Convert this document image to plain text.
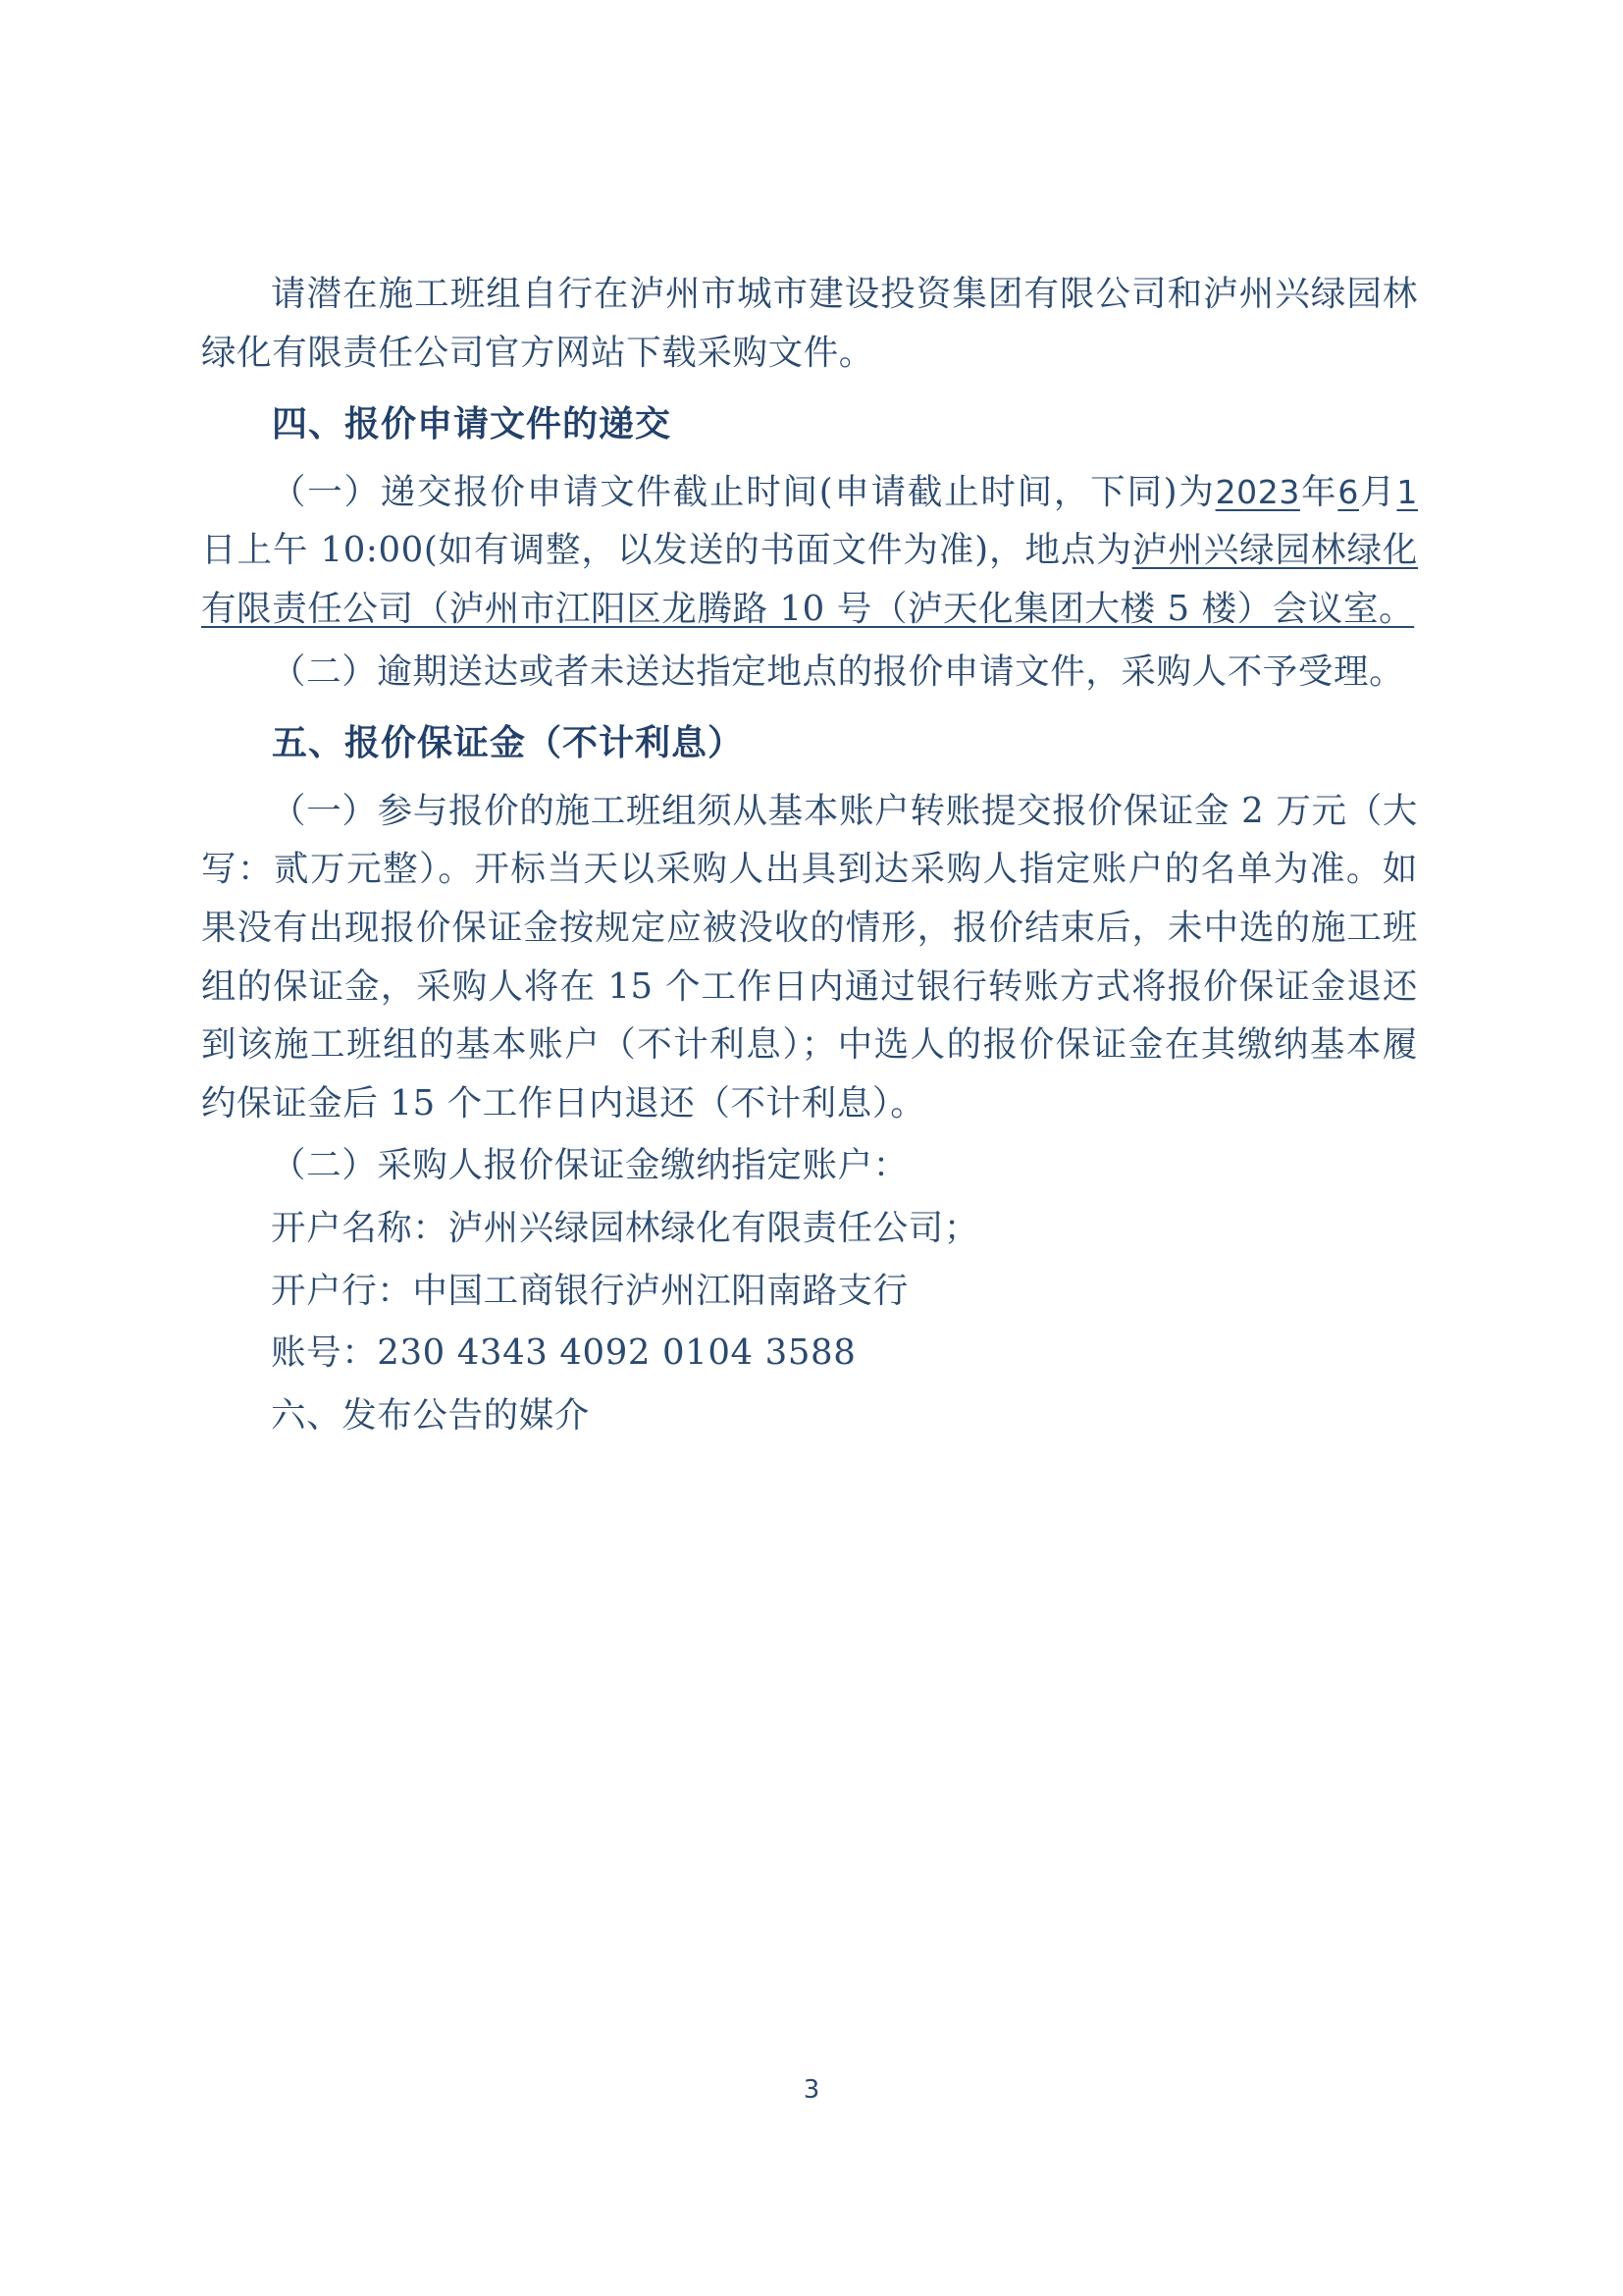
请潜在施工班组自行在泸州市城市建设投资集团有限公司和泸州兴绿园林绿化有限责任公司官方网站下载采购文件。

四、报价申请文件的递交

（一）递交报价申请文件截止时间(申请截止时间，下同)为2023年6月1日上午 10:00(如有调整，以发送的书面文件为准)，地点为泸州兴绿园林绿化有限责任公司（泸州市江阳区龙腾路 10 号（泸天化集团大楼 5 楼）会议室。

（二）逾期送达或者未送达指定地点的报价申请文件，采购人不予受理。

五、报价保证金（不计利息）

（一）参与报价的施工班组须从基本账户转账提交报价保证金 2 万元（大写：贰万元整）。开标当天以采购人出具到达采购人指定账户的名单为准。如果没有出现报价保证金按规定应被没收的情形，报价结束后，未中选的施工班组的保证金，采购人将在 15 个工作日内通过银行转账方式将报价保证金退还到该施工班组的基本账户（不计利息）；中选人的报价保证金在其缴纳基本履约保证金后 15 个工作日内退还（不计利息）。

（二）采购人报价保证金缴纳指定账户：

开户名称：泸州兴绿园林绿化有限责任公司；

开户行：中国工商银行泸州江阳南路支行

账号：230 4343 4092 0104 3588

六、发布公告的媒介

3
